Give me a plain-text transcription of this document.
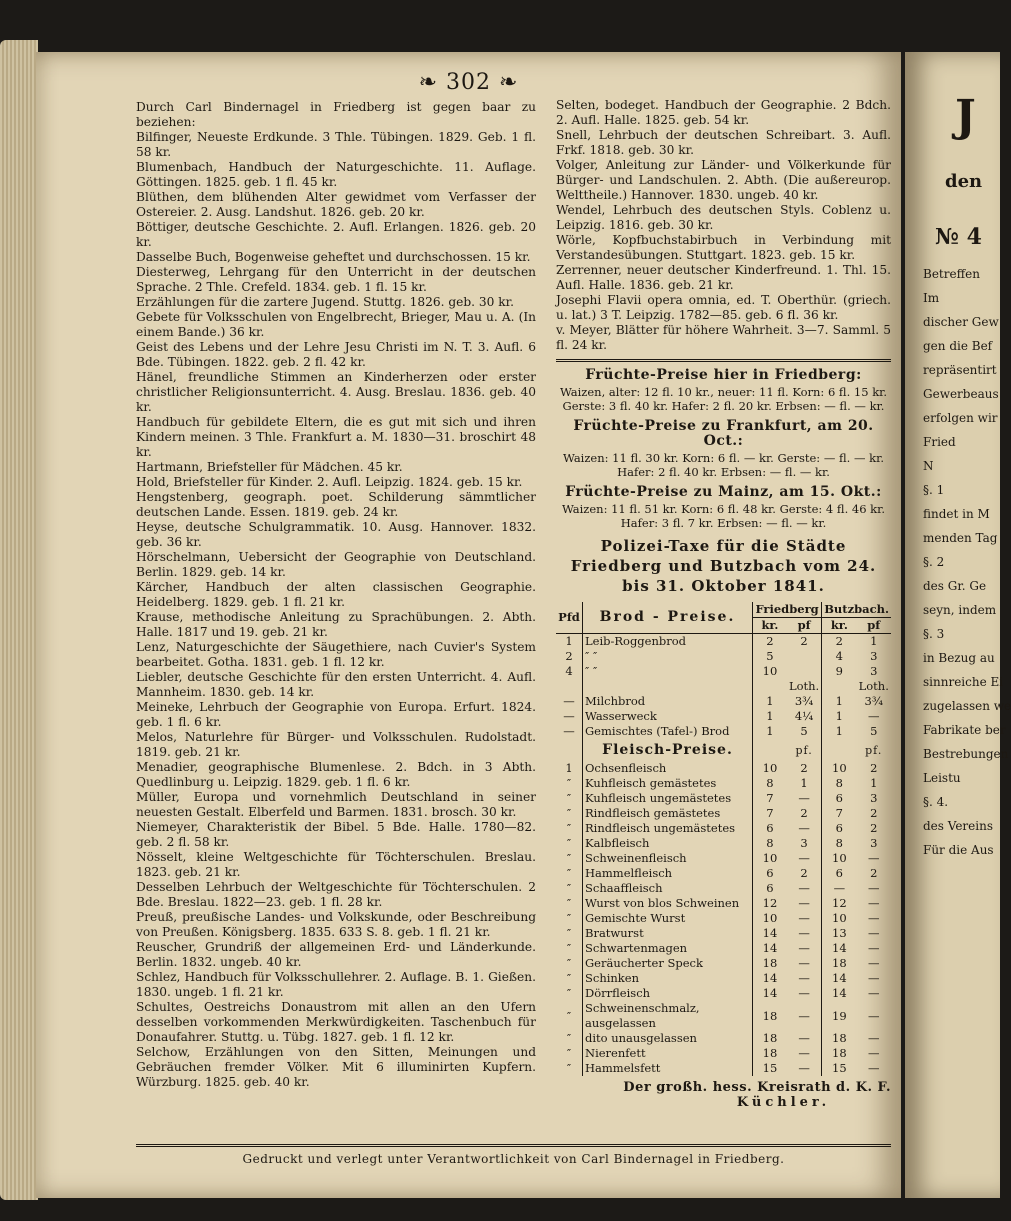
❧ 302 ❧

Durch Carl Bindernagel in Friedberg ist gegen baar zu beziehen:

Bilfinger, Neueste Erdkunde. 3 Thle. Tübingen. 1829. Geb. 1 fl. 58 kr.

Blumenbach, Handbuch der Naturgeschichte. 11. Auflage. Göttingen. 1825. geb. 1 fl. 45 kr.

Blüthen, dem blühenden Alter gewidmet vom Verfasser der Ostereier. 2. Ausg. Landshut. 1826. geb. 20 kr.

Böttiger, deutsche Geschichte. 2. Aufl. Erlangen. 1826. geb. 20 kr.

Dasselbe Buch, Bogenweise geheftet und durchschossen. 15 kr.

Diesterweg, Lehrgang für den Unterricht in der deutschen Sprache. 2 Thle. Crefeld. 1834. geb. 1 fl. 15 kr.

Erzählungen für die zartere Jugend. Stuttg. 1826. geb. 30 kr.

Gebete für Volksschulen von Engelbrecht, Brieger, Mau u. A. (In einem Bande.) 36 kr.

Geist des Lebens und der Lehre Jesu Christi im N. T. 3. Aufl. 6 Bde. Tübingen. 1822. geb. 2 fl. 42 kr.

Hänel, freundliche Stimmen an Kinderherzen oder erster christlicher Religionsunterricht. 4. Ausg. Breslau. 1836. geb. 40 kr.

Handbuch für gebildete Eltern, die es gut mit sich und ihren Kindern meinen. 3 Thle. Frankfurt a. M. 1830—31. broschirt 48 kr.

Hartmann, Briefsteller für Mädchen. 45 kr.

Hold, Briefsteller für Kinder. 2. Aufl. Leipzig. 1824. geb. 15 kr.

Hengstenberg, geograph. poet. Schilderung sämmtlicher deutschen Lande. Essen. 1819. geb. 24 kr.

Heyse, deutsche Schulgrammatik. 10. Ausg. Hannover. 1832. geb. 36 kr.

Hörschelmann, Uebersicht der Geographie von Deutschland. Berlin. 1829. geb. 14 kr.

Kärcher, Handbuch der alten classischen Geographie. Heidelberg. 1829. geb. 1 fl. 21 kr.

Krause, methodische Anleitung zu Sprachübungen. 2. Abth. Halle. 1817 und 19. geb. 21 kr.

Lenz, Naturgeschichte der Säugethiere, nach Cuvier's System bearbeitet. Gotha. 1831. geb. 1 fl. 12 kr.

Liebler, deutsche Geschichte für den ersten Unterricht. 4. Aufl. Mannheim. 1830. geb. 14 kr.

Meineke, Lehrbuch der Geographie von Europa. Erfurt. 1824. geb. 1 fl. 6 kr.

Melos, Naturlehre für Bürger- und Volksschulen. Rudolstadt. 1819. geb. 21 kr.

Menadier, geographische Blumenlese. 2. Bdch. in 3 Abth. Quedlinburg u. Leipzig. 1829. geb. 1 fl. 6 kr.

Müller, Europa und vornehmlich Deutschland in seiner neuesten Gestalt. Elberfeld und Barmen. 1831. brosch. 30 kr.

Niemeyer, Charakteristik der Bibel. 5 Bde. Halle. 1780—82. geb. 2 fl. 58 kr.

Nösselt, kleine Weltgeschichte für Töchterschulen. Breslau. 1823. geb. 21 kr.

Desselben Lehrbuch der Weltgeschichte für Töchterschulen. 2 Bde. Breslau. 1822—23. geb. 1 fl. 28 kr.

Preuß, preußische Landes- und Volkskunde, oder Beschreibung von Preußen. Königsberg. 1835. 633 S. 8. geb. 1 fl. 21 kr.

Reuscher, Grundriß der allgemeinen Erd- und Länderkunde. Berlin. 1832. ungeb. 40 kr.

Schlez, Handbuch für Volksschullehrer. 2. Auflage. B. 1. Gießen. 1830. ungeb. 1 fl. 21 kr.

Schultes, Oestreichs Donaustrom mit allen an den Ufern desselben vorkommenden Merkwürdigkeiten. Taschenbuch für Donaufahrer. Stuttg. u. Tübg. 1827. geb. 1 fl. 12 kr.

Selchow, Erzählungen von den Sitten, Meinungen und Gebräuchen fremder Völker. Mit 6 illuminirten Kupfern. Würzburg. 1825. geb. 40 kr.

Selten, bodeget. Handbuch der Geographie. 2 Bdch. 2. Aufl. Halle. 1825. geb. 54 kr.

Snell, Lehrbuch der deutschen Schreibart. 3. Aufl. Frkf. 1818. geb. 30 kr.

Volger, Anleitung zur Länder- und Völkerkunde für Bürger- und Landschulen. 2. Abth. (Die außereurop. Welttheile.) Hannover. 1830. ungeb. 40 kr.

Wendel, Lehrbuch des deutschen Styls. Coblenz u. Leipzig. 1816. geb. 30 kr.

Wörle, Kopfbuchstabirbuch in Verbindung mit Verstandesübungen. Stuttgart. 1823. geb. 15 kr.

Zerrenner, neuer deutscher Kinderfreund. 1. Thl. 15. Aufl. Halle. 1836. geb. 21 kr.

Josephi Flavii opera omnia, ed. T. Oberthür. (griech. u. lat.) 3 T. Leipzig. 1782—85. geb. 6 fl. 36 kr.

v. Meyer, Blätter für höhere Wahrheit. 3—7. Samml. 5 fl. 24 kr.

Früchte-Preise hier in Friedberg:
Waizen, alter: 12 fl. 10 kr., neuer: 11 fl. Korn: 6 fl. 15 kr.
Gerste: 3 fl. 40 kr. Hafer: 2 fl. 20 kr. Erbsen: — fl. — kr.
Früchte-Preise zu Frankfurt, am 20. Oct.:
Waizen: 11 fl. 30 kr. Korn: 6 fl. — kr. Gerste: — fl. — kr.
Hafer: 2 fl. 40 kr. Erbsen: — fl. — kr.
Früchte-Preise zu Mainz, am 15. Okt.:
Waizen: 11 fl. 51 kr. Korn: 6 fl. 48 kr. Gerste: 4 fl. 46 kr.
Hafer: 3 fl. 7 kr. Erbsen: — fl. — kr.
Polizei-Taxe für die Städte Friedberg und Butzbach vom 24. bis 31. Oktober 1841.
Pfd	Brod - Preise.	Friedberg		Butzbach.	
		kr.	pf	kr.	pf
1	Leib-Roggenbrod	2	2	2	1
2	″ ″	5		4	3
4	″ ″	10		9	3
			Loth.		Loth.
—	Milchbrod	1	3¾	1	3¾
—	Wasserweck	1	4¼	1	—
—	Gemischtes (Tafel-) Brod	1	5	1	5
	Fleisch-Preise.		pf.		pf.
1	Ochsenfleisch	10	2	10	2
″	Kuhfleisch gemästetes	8	1	8	1
″	Kuhfleisch ungemästetes	7	—	6	3
″	Rindfleisch gemästetes	7	2	7	2
″	Rindfleisch ungemästetes	6	—	6	2
″	Kalbfleisch	8	3	8	3
″	Schweinenfleisch	10	—	10	—
″	Hammelfleisch	6	2	6	2
″	Schaaffleisch	6	—	—	—
″	Wurst von blos Schweinen	12	—	12	—
″	Gemischte Wurst	10	—	10	—
″	Bratwurst	14	—	13	—
″	Schwartenmagen	14	—	14	—
″	Geräucherter Speck	18	—	18	—
″	Schinken	14	—	14	—
″	Dörrfleisch	14	—	14	—
″	Schweinenschmalz, ausgelassen	18	—	19	—
″	dito unausgelassen	18	—	18	—
″	Nierenfett	18	—	18	—
″	Hammelsfett	15	—	15	—
Der großh. hess. Kreisrath d. K. F.
Küchler.
Gedruckt und verlegt unter Verantwortlichkeit von Carl Bindernagel in Friedberg.
J
den
№ 4
Betreffen
Im
discher Gew
gen die Bef
repräsentirt
Gewerbeaus
erfolgen wir
Fried
N
§. 1
findet in M
menden Tag
§. 2
des Gr. Ge
seyn, indem
§. 3
in Bezug au
sinnreiche Ei
zugelassen we
Fabrikate ber
Bestrebungen
Leistu
§. 4.
des Vereins
Für die Aus
